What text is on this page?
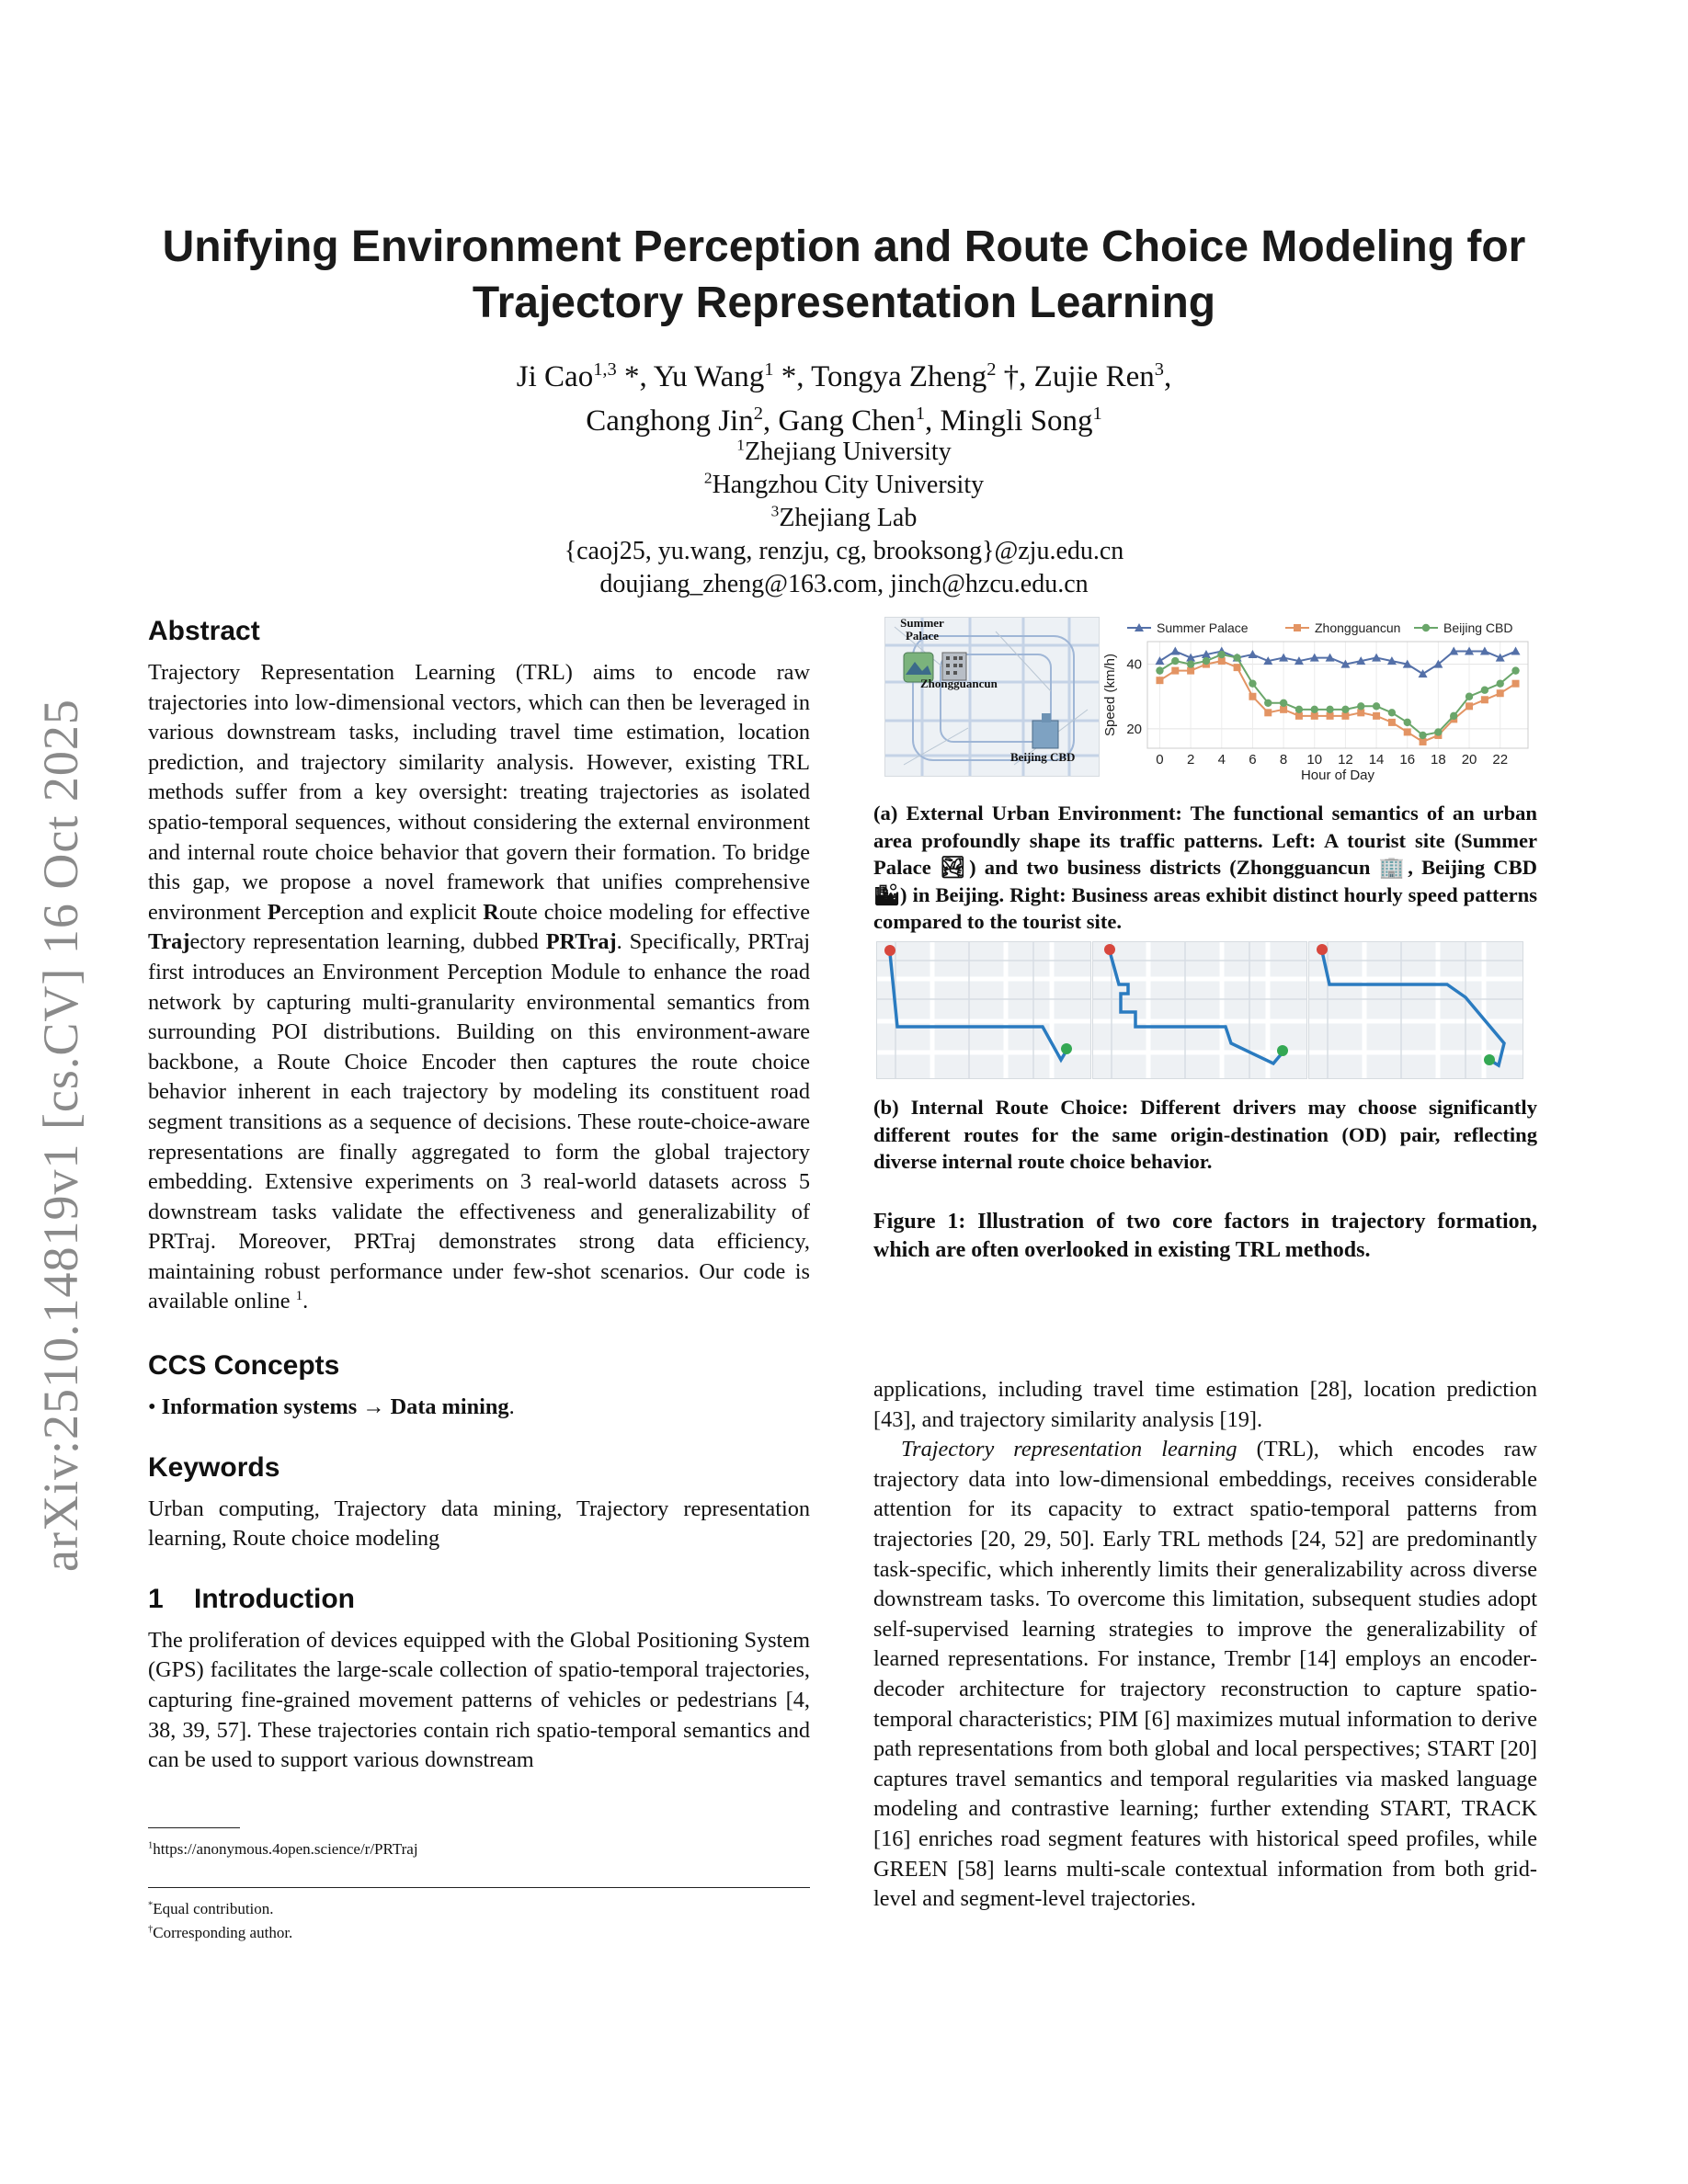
arXiv:2510.14819v1 [cs.CV] 16 Oct 2025
Unifying Environment Perception and Route Choice Modeling for
Trajectory Representation Learning
Ji Cao$^{1,3}$ *, Yu Wang$^1$ *, Tongya Zheng$^2$ †, Zujie Ren$^3$,
Canghong Jin$^2$, Gang Chen$^1$, Mingli Song$^1$
$^1$Zhejiang University
$^2$Hangzhou City University
$^3$Zhejiang Lab
{caoj25, yu.wang, renzju, cg, brooksong}@zju.edu.cn
doujiang_zheng@163.com, jinch@hzcu.edu.cn
Abstract

Trajectory Representation Learning (TRL) aims to encode raw trajectories into low-dimensional vectors, which can then be leveraged in various downstream tasks, including travel time estimation, location prediction, and trajectory similarity analysis. However, existing TRL methods suffer from a key oversight: treating trajectories as isolated spatio-temporal sequences, without considering the external environment and internal route choice behavior that govern their formation. To bridge this gap, we propose a novel framework that unifies comprehensive environment Perception and explicit Route choice modeling for effective Trajectory representation learning, dubbed PRTraj. Specifically, PRTraj first introduces an Environment Perception Module to enhance the road network by capturing multi-granularity environmental semantics from surrounding POI distributions. Building on this environment-aware backbone, a Route Choice Encoder then captures the route choice behavior inherent in each trajectory by modeling its constituent road segment transitions as a sequence of decisions. These route-choice-aware representations are finally aggregated to form the global trajectory embedding. Extensive experiments on 3 real-world datasets across 5 downstream tasks validate the effectiveness and generalizability of PRTraj. Moreover, PRTraj demonstrates strong data efficiency, maintaining robust performance under few-shot scenarios. Our code is available online $^1$.

CCS Concepts

• Information systems → Data mining.

Keywords

Urban computing, Trajectory data mining, Trajectory representation learning, Route choice modeling

1    Introduction

The proliferation of devices equipped with the Global Positioning System (GPS) facilitates the large-scale collection of spatio-temporal trajectories, capturing fine-grained movement patterns of vehicles or pedestrians [4, 38, 39, 57]. These trajectories contain rich spatio-temporal semantics and can be used to support various downstream

$^1$https://anonymous.4open.science/r/PRTraj
*Equal contribution.
†Corresponding author.
Summer Palace
Zhongguancun
Beijing CBD	0 2 4 6 8 10 12 14 16 18 20 22
20
40
Hour of Day
Speed (km/h)
Summer Palace	Zhongguancun	Beijing CBD
(a) External Urban Environment: The functional semantics of an urban area profoundly shape its traffic patterns. Left: A tourist site (Summer Palace 🏞) and two business districts (Zhongguancun 🏢, Beijing CBD 🏙) in Beijing. Right: Business areas exhibit distinct hourly speed patterns compared to the tourist site.
(b) Internal Route Choice: Different drivers may choose significantly different routes for the same origin-destination (OD) pair, reflecting diverse internal route choice behavior.
Figure 1: Illustration of two core factors in trajectory formation, which are often overlooked in existing TRL methods.

applications, including travel time estimation [28], location prediction [43], and trajectory similarity analysis [19].

Trajectory representation learning (TRL), which encodes raw trajectory data into low-dimensional embeddings, receives considerable attention for its capacity to extract spatio-temporal patterns from trajectories [20, 29, 50]. Early TRL methods [24, 52] are predominantly task-specific, which inherently limits their generalizability across diverse downstream tasks. To overcome this limitation, subsequent studies adopt self-supervised learning strategies to improve the generalizability of learned representations. For instance, Trembr [14] employs an encoder-decoder architecture for trajectory reconstruction to capture spatio-temporal characteristics; PIM [6] maximizes mutual information to derive path representations from both global and local perspectives; START [20] captures travel semantics and temporal regularities via masked language modeling and contrastive learning; further extending START, TRACK [16] enriches road segment features with historical speed profiles, while GREEN [58] learns multi-scale contextual information from both grid-level and segment-level trajectories.
